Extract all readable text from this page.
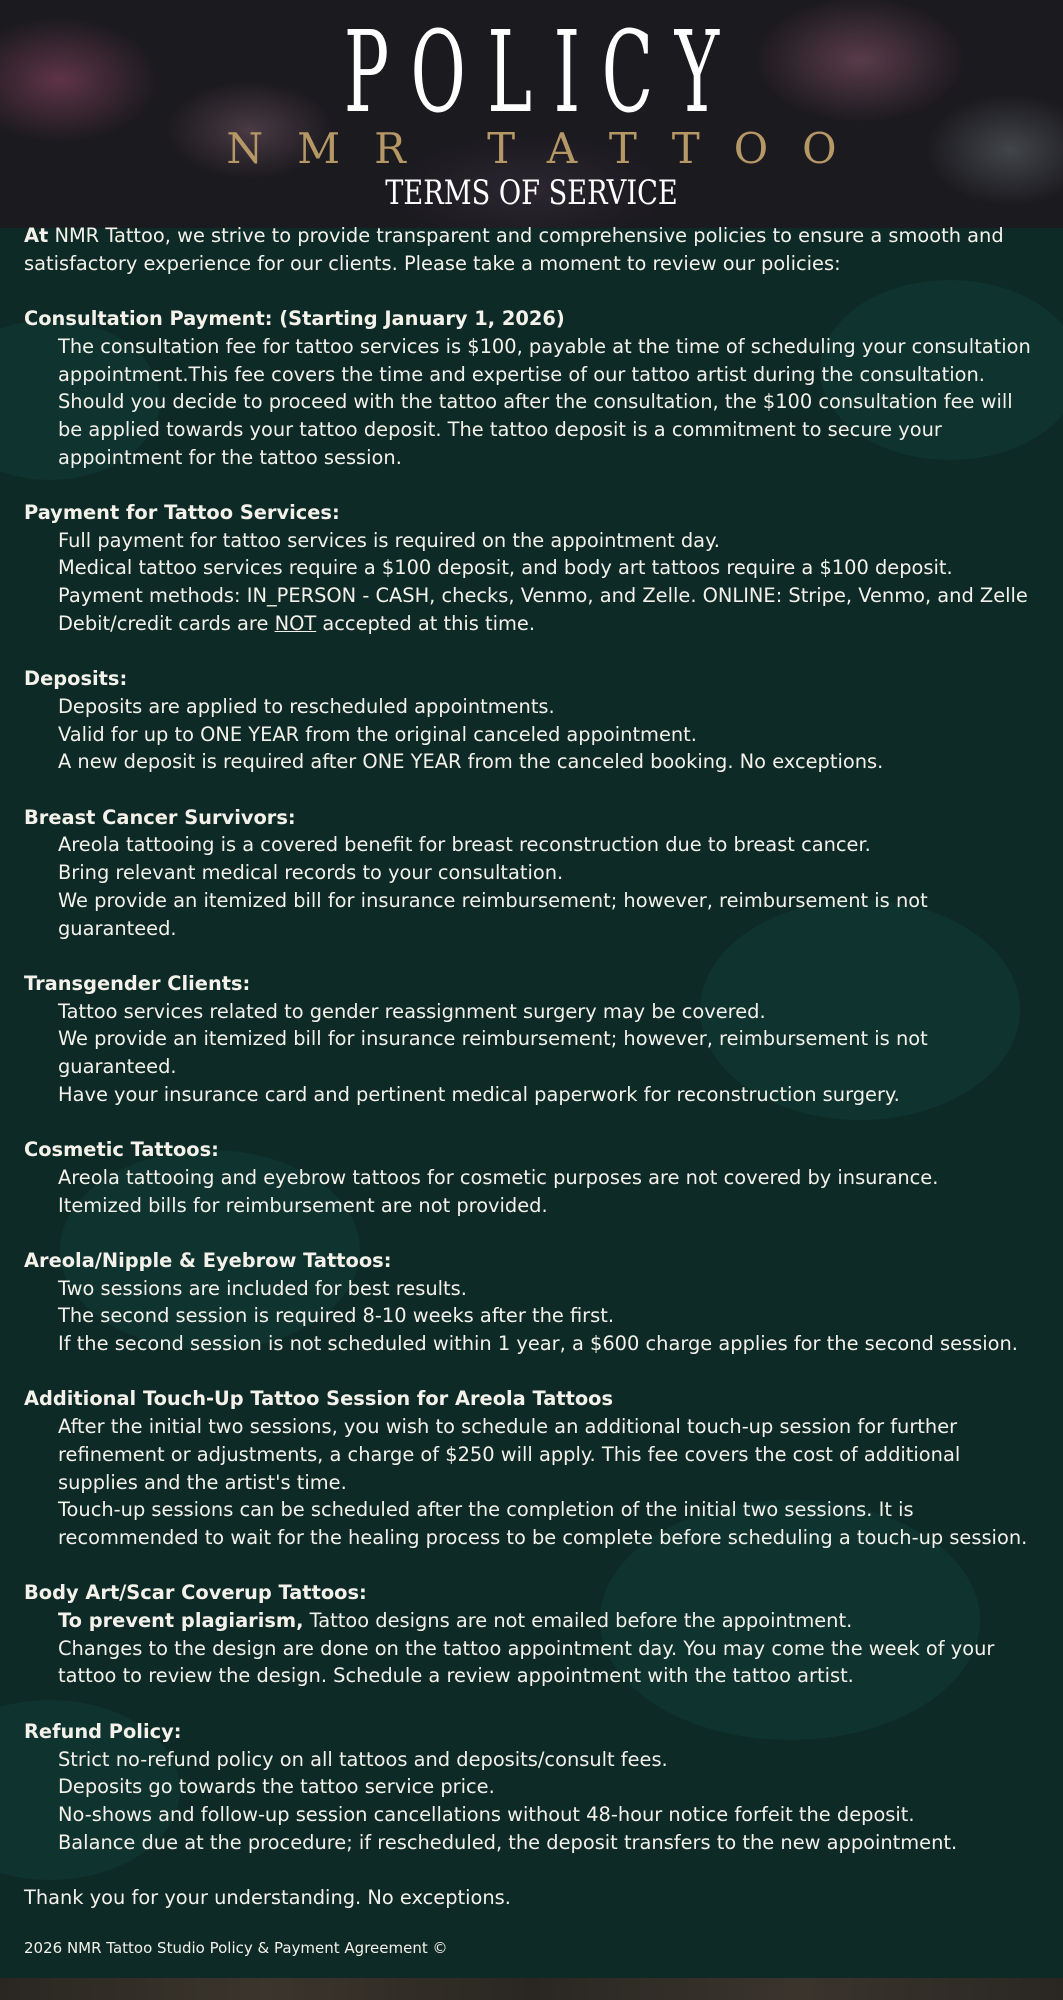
POLICY
NMR TATTOO
TERMS OF SERVICE

At NMR Tattoo, we strive to provide transparent and comprehensive policies to ensure a smooth and

satisfactory experience for our clients. Please take a moment to review our policies:

Consultation Payment: (Starting January 1, 2026)

The consultation fee for tattoo services is $100, payable at the time of scheduling your consultation

appointment.This fee covers the time and expertise of our tattoo artist during the consultation.

Should you decide to proceed with the tattoo after the consultation, the $100 consultation fee will

be applied towards your tattoo deposit. The tattoo deposit is a commitment to secure your

appointment for the tattoo session.

Payment for Tattoo Services:

Full payment for tattoo services is required on the appointment day.

Medical tattoo services require a $100 deposit, and body art tattoos require a $100 deposit.

Payment methods: IN_PERSON - CASH, checks, Venmo, and Zelle. ONLINE: Stripe, Venmo, and Zelle

Debit/credit cards are NOT accepted at this time.

Deposits:

Deposits are applied to rescheduled appointments.

Valid for up to ONE YEAR from the original canceled appointment.

A new deposit is required after ONE YEAR from the canceled booking. No exceptions.

Breast Cancer Survivors:

Areola tattooing is a covered benefit for breast reconstruction due to breast cancer.

Bring relevant medical records to your consultation.

We provide an itemized bill for insurance reimbursement; however, reimbursement is not

guaranteed.

Transgender Clients:

Tattoo services related to gender reassignment surgery may be covered.

We provide an itemized bill for insurance reimbursement; however, reimbursement is not

guaranteed.

Have your insurance card and pertinent medical paperwork for reconstruction surgery.

Cosmetic Tattoos:

Areola tattooing and eyebrow tattoos for cosmetic purposes are not covered by insurance.

Itemized bills for reimbursement are not provided.

Areola/Nipple & Eyebrow Tattoos:

Two sessions are included for best results.

The second session is required 8-10 weeks after the first.

If the second session is not scheduled within 1 year, a $600 charge applies for the second session.

Additional Touch-Up Tattoo Session for Areola Tattoos

After the initial two sessions, you wish to schedule an additional touch-up session for further

refinement or adjustments, a charge of $250 will apply. This fee covers the cost of additional

supplies and the artist's time.

Touch-up sessions can be scheduled after the completion of the initial two sessions. It is

recommended to wait for the healing process to be complete before scheduling a touch-up session.

Body Art/Scar Coverup Tattoos:

To prevent plagiarism, Tattoo designs are not emailed before the appointment.

Changes to the design are done on the tattoo appointment day. You may come the week of your

tattoo to review the design. Schedule a review appointment with the tattoo artist.

Refund Policy:

Strict no-refund policy on all tattoos and deposits/consult fees.

Deposits go towards the tattoo service price.

No-shows and follow-up session cancellations without 48-hour notice forfeit the deposit.

Balance due at the procedure; if rescheduled, the deposit transfers to the new appointment.

Thank you for your understanding. No exceptions.

2026 NMR Tattoo Studio Policy & Payment Agreement ©
